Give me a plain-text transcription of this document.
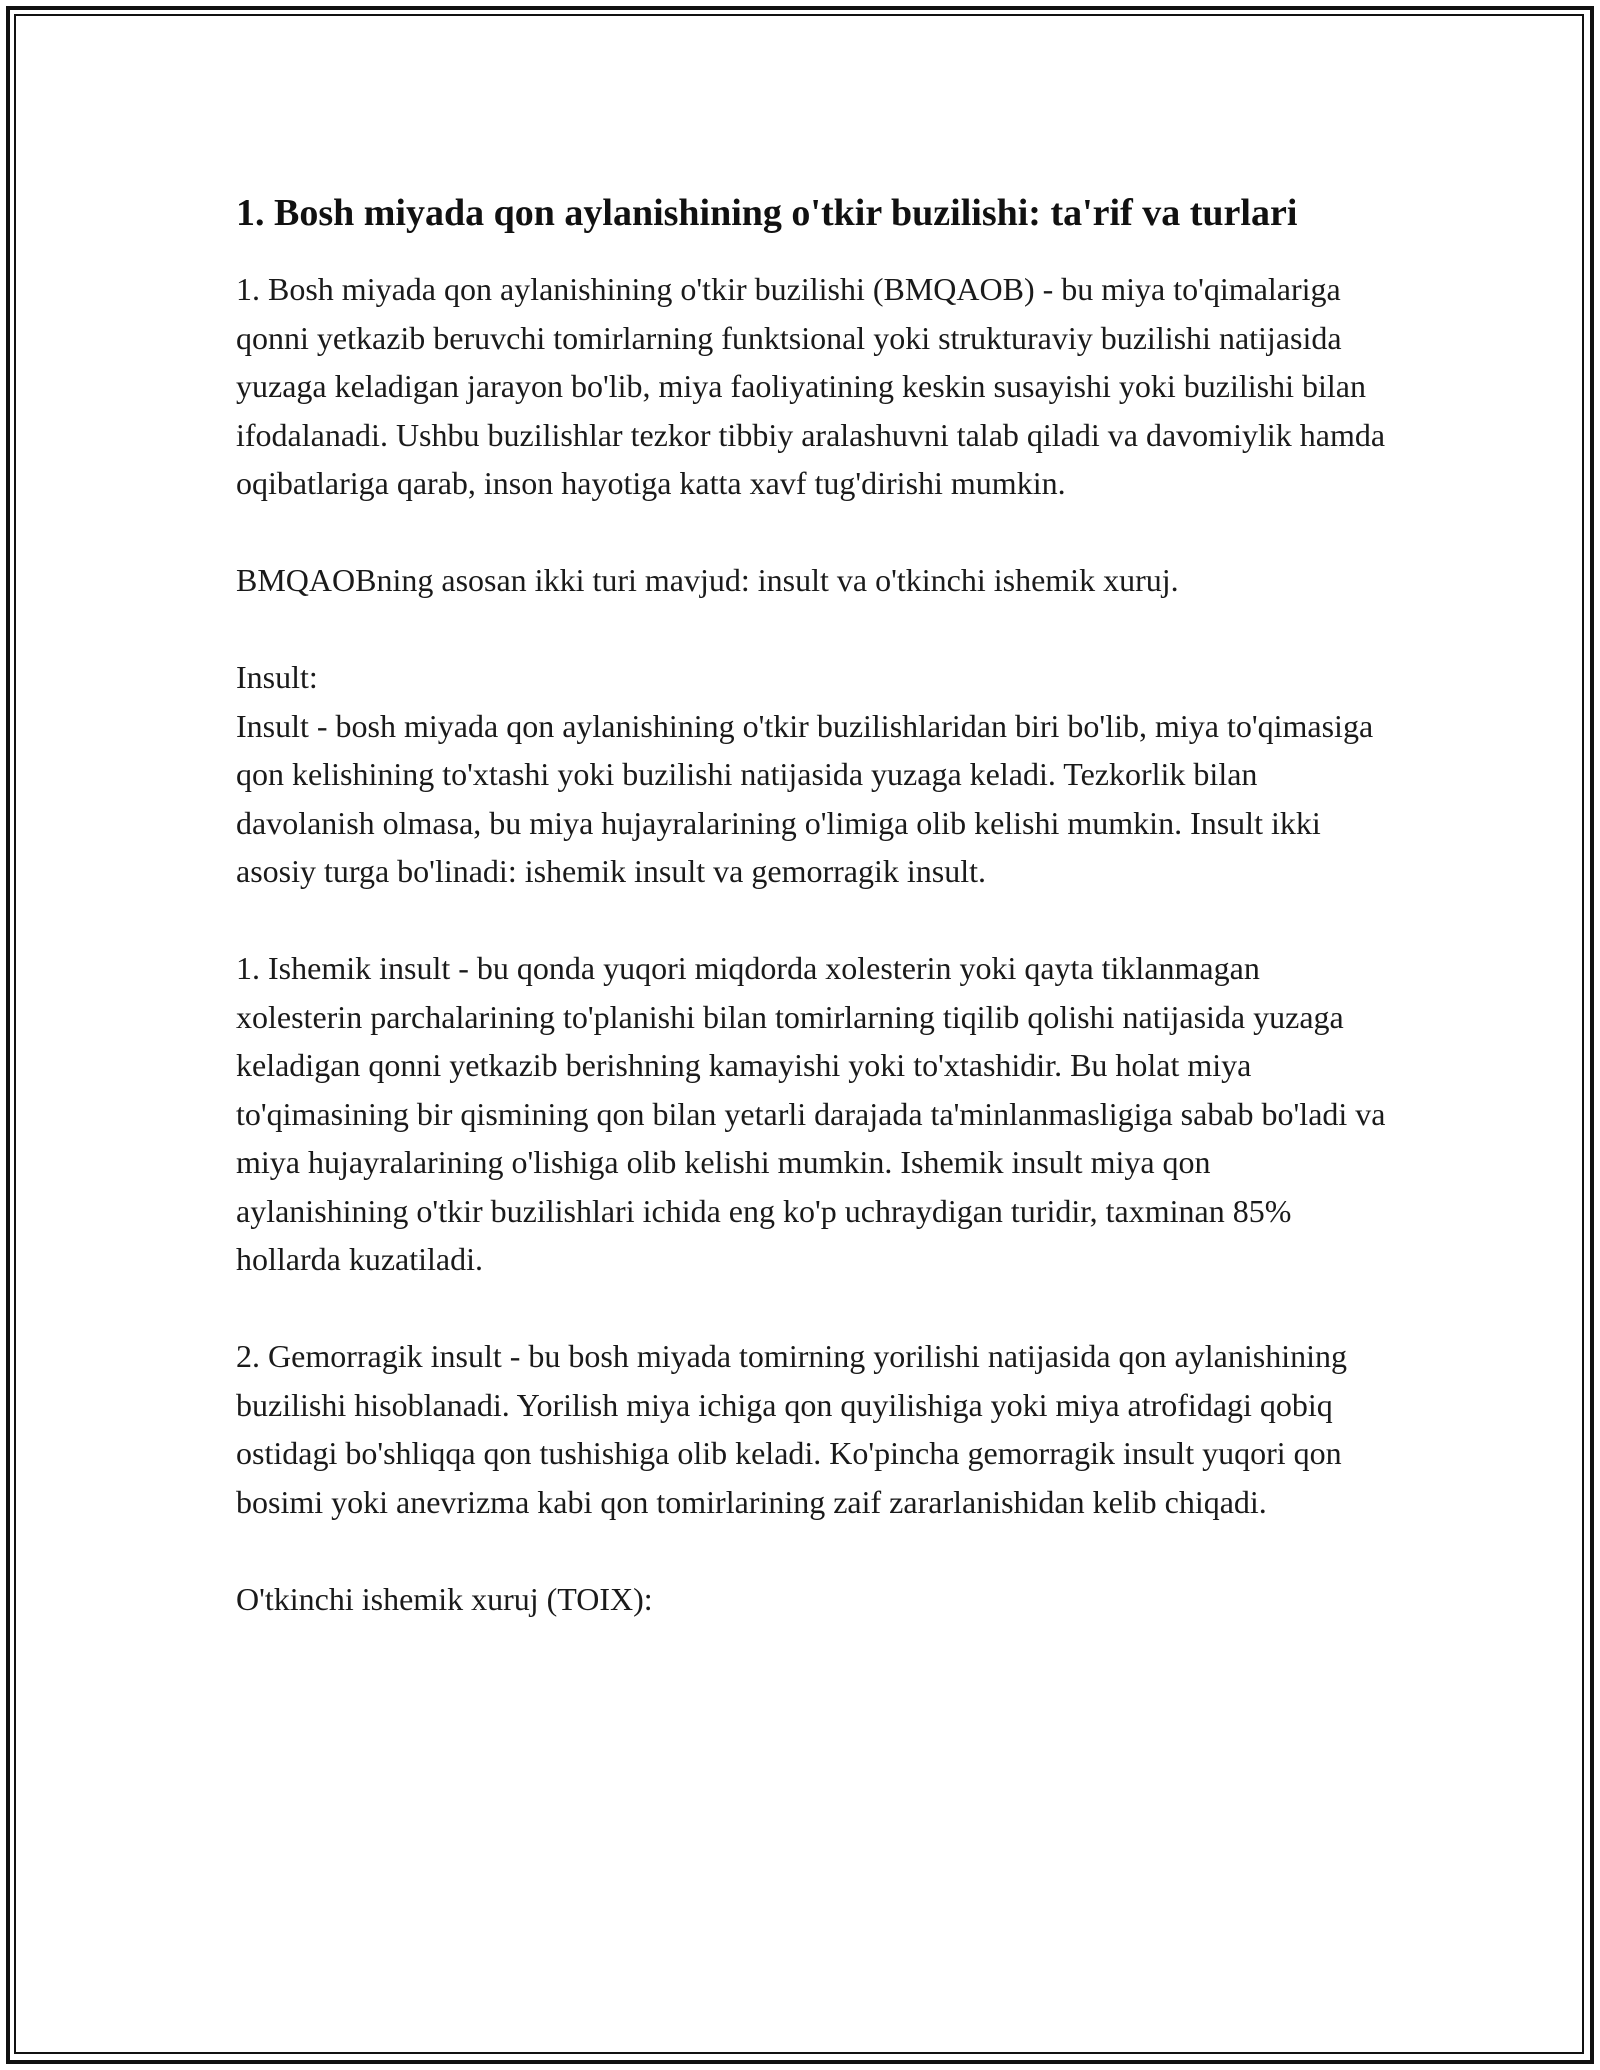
1. Bosh miyada qon aylanishining o'tkir buzilishi: ta'rif va turlari

1. Bosh miyada qon aylanishining o'tkir buzilishi (BMQAOB) - bu miya to'qimalariga qonni yetkazib beruvchi tomirlarning funktsional yoki strukturaviy buzilishi natijasida yuzaga keladigan jarayon bo'lib, miya faoliyatining keskin susayishi yoki buzilishi bilan ifodalanadi. Ushbu buzilishlar tezkor tibbiy aralashuvni talab qiladi va davomiylik hamda oqibatlariga qarab, inson hayotiga katta xavf tug'dirishi mumkin.

BMQAOBning asosan ikki turi mavjud: insult va o'tkinchi ishemik xuruj.

Insult:

Insult - bosh miyada qon aylanishining o'tkir buzilishlaridan biri bo'lib, miya to'qimasiga qon kelishining to'xtashi yoki buzilishi natijasida yuzaga keladi. Tezkorlik bilan davolanish olmasa, bu miya hujayralarining o'limiga olib kelishi mumkin. Insult ikki asosiy turga bo'linadi: ishemik insult va gemorragik insult.

1. Ishemik insult - bu qonda yuqori miqdorda xolesterin yoki qayta tiklanmagan xolesterin parchalarining to'planishi bilan tomirlarning tiqilib qolishi natijasida yuzaga keladigan qonni yetkazib berishning kamayishi yoki to'xtashidir. Bu holat miya to'qimasining bir qismining qon bilan yetarli darajada ta'minlanmasligiga sabab bo'ladi va miya hujayralarining o'lishiga olib kelishi mumkin. Ishemik insult miya qon aylanishining o'tkir buzilishlari ichida eng ko'p uchraydigan turidir, taxminan 85% hollarda kuzatiladi.

2. Gemorragik insult - bu bosh miyada tomirning yorilishi natijasida qon aylanishining buzilishi hisoblanadi. Yorilish miya ichiga qon quyilishiga yoki miya atrofidagi qobiq ostidagi bo'shliqqa qon tushishiga olib keladi. Ko'pincha gemorragik insult yuqori qon bosimi yoki anevrizma kabi qon tomirlarining zaif zararlanishidan kelib chiqadi.

O'tkinchi ishemik xuruj (TOIX):
